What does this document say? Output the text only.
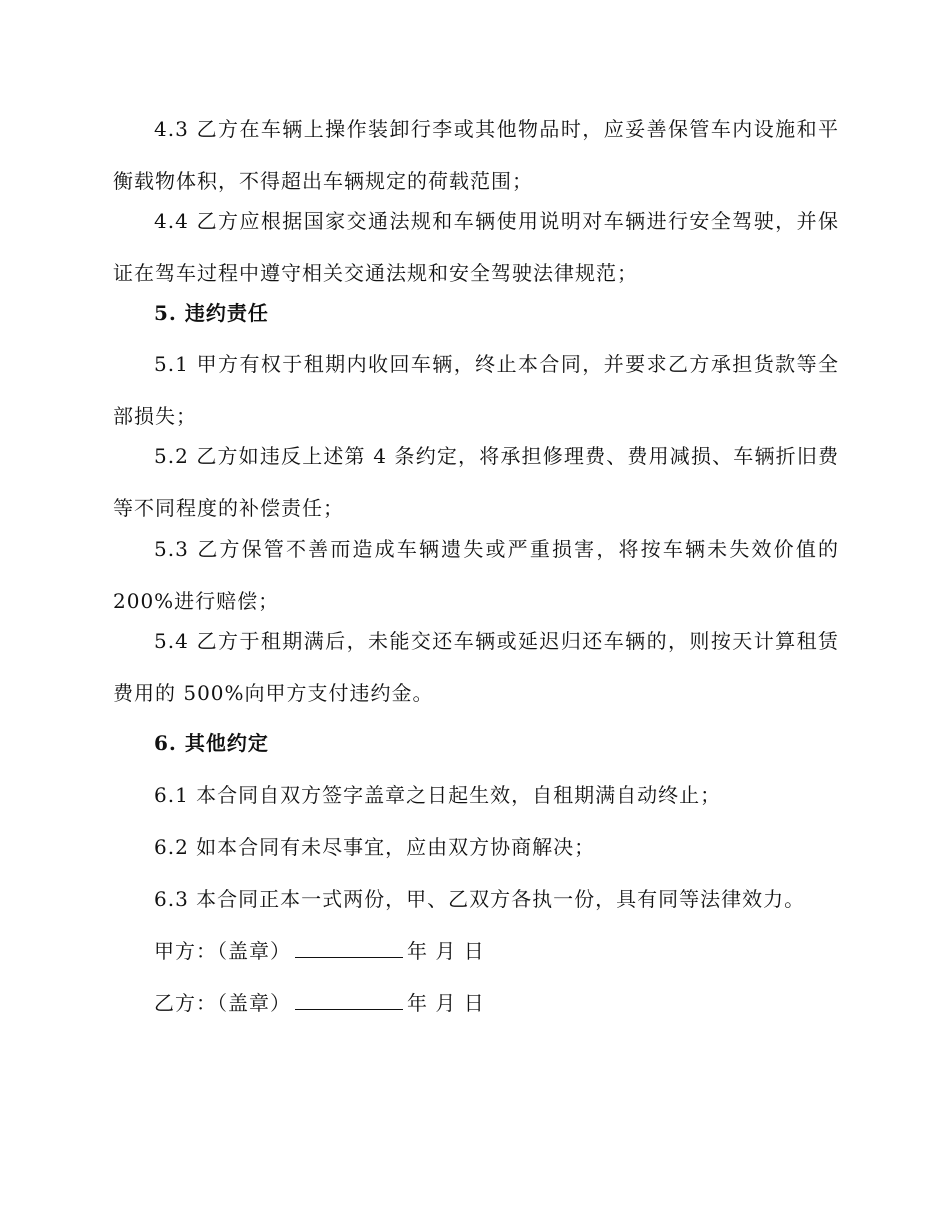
4.3 乙方在车辆上操作装卸行李或其他物品时，应妥善保管车内设施和平衡载物体积，不得超出车辆规定的荷载范围；

4.4 乙方应根据国家交通法规和车辆使用说明对车辆进行安全驾驶，并保证在驾车过程中遵守相关交通法规和安全驾驶法律规范；

5. 违约责任

5.1 甲方有权于租期内收回车辆，终止本合同，并要求乙方承担货款等全部损失；

5.2 乙方如违反上述第 4 条约定，将承担修理费、费用减损、车辆折旧费等不同程度的补偿责任；

5.3 乙方保管不善而造成车辆遗失或严重损害，将按车辆未失效价值的 200%进行赔偿；

5.4 乙方于租期满后，未能交还车辆或延迟归还车辆的，则按天计算租赁费用的 500%向甲方支付违约金。

6. 其他约定

6.1 本合同自双方签字盖章之日起生效，自租期满自动终止；

6.2 如本合同有未尽事宜，应由双方协商解决；

6.3 本合同正本一式两份，甲、乙双方各执一份，具有同等法律效力。

甲方：（盖章）	年 月 日

乙方：（盖章）	年 月 日
